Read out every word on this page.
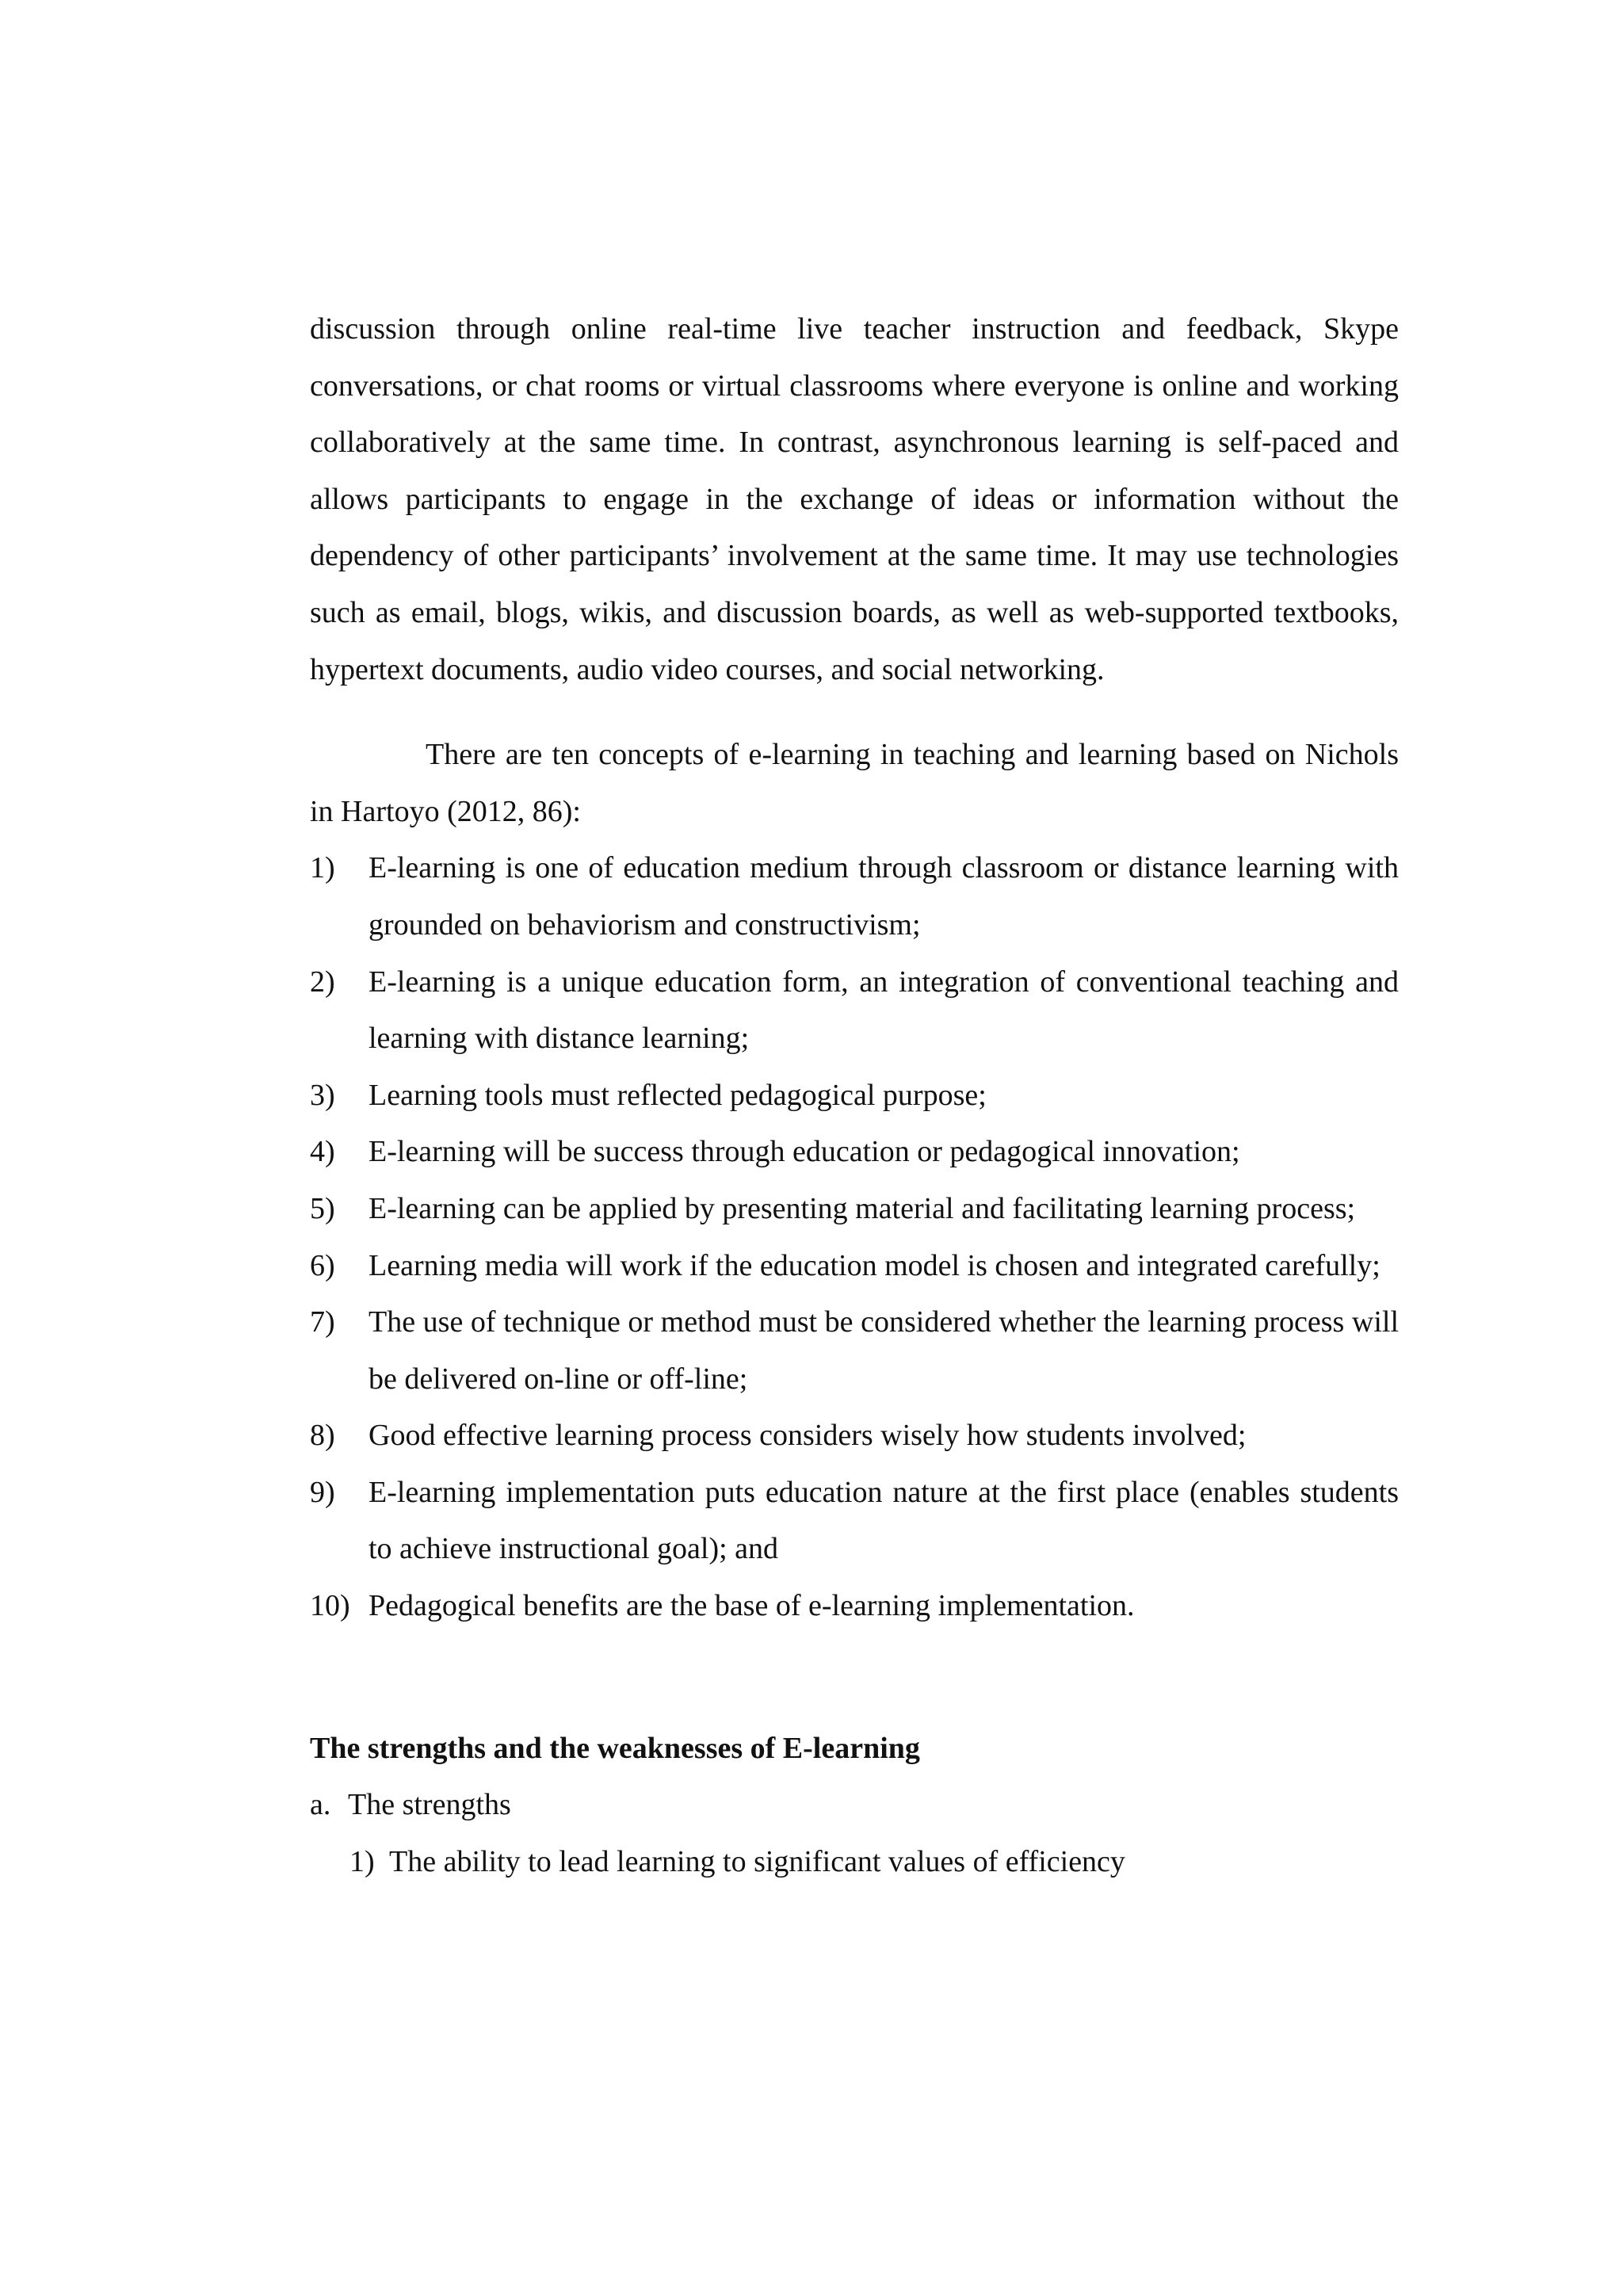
discussion through online real-time live teacher instruction and feedback, Skype conversations, or chat rooms or virtual classrooms where everyone is online and working collaboratively at the same time. In contrast, asynchronous learning is self-paced and allows participants to engage in the exchange of ideas or information without the dependency of other participants’ involvement at the same time. It may use technologies such as email, blogs, wikis, and discussion boards, as well as web-supported textbooks, hypertext documents, audio video courses, and social networking.

There are ten concepts of e-learning in teaching and learning based on Nichols in Hartoyo (2012, 86):

1)	E-learning is one of education medium through classroom or distance learning with grounded on behaviorism and constructivism;
2)	E-learning is a unique education form, an integration of conventional teaching and learning with distance learning;
3)	Learning tools must reflected pedagogical purpose;
4)	E-learning will be success through education or pedagogical innovation;
5)	E-learning can be applied by presenting material and facilitating learning process;
6)	Learning media will work if the education model is chosen and integrated carefully;
7)	The use of technique or method must be considered whether the learning process will be delivered on-line or off-line;
8)	Good effective learning process considers wisely how students involved;
9)	E-learning implementation puts education nature at the first place (enables students to achieve instructional goal); and
10) Pedagogical benefits are the base of e-learning implementation.
The strengths and the weaknesses of E-learning
a. The strengths
1) The ability to lead learning to significant values of efficiency
